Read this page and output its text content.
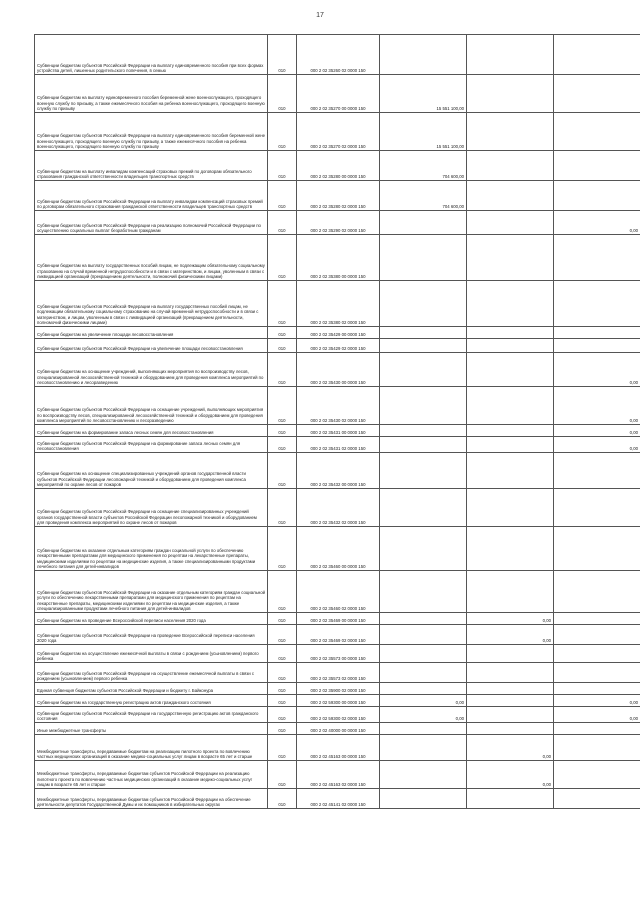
17
Субвенции бюджетам субъектов Российской Федерации на выплату единовременного пособия при всех формах устройства детей, лишенных родительского попечения, в семью	010	000 2 02 35260 02 0000 150			
Субвенции бюджетам на выплату единовременного пособия беременной жене военнослужащего, проходящего военную службу по призыву, а также ежемесячного пособия на ребенка военнослужащего, проходящего военную службу по призыву	010	000 2 02 35270 00 0000 150	15 551 100,00		
Субвенции бюджетам субъектов Российской Федерации на выплату единовременного пособия беременной жене военнослужащего, проходящего военную службу по призыву, а также ежемесячного пособия на ребенка военнослужащего, проходящего военную службу по призыву	010	000 2 02 35270 02 0000 150	15 551 100,00		
Субвенции бюджетам на выплату инвалидам компенсаций страховых премий по договорам обязательного страхования гражданской ответственности владельцев транспортных средств	010	000 2 02 35280 00 0000 150	704 600,00		
Субвенции бюджетам субъектов Российской Федерации на выплату инвалидам компенсаций страховых премий по договорам обязательного страхования гражданской ответственности владельцев транспортных средств	010	000 2 02 35280 02 0000 150	704 600,00		
Субвенции бюджетам субъектов Российской Федерации на реализацию полномочий Российской Федерации по осуществлению социальных выплат безработным гражданам	010	000 2 02 35290 02 0000 150			0,00
Субвенции бюджетам на выплату государственных пособий лицам, не подлежащим обязательному социальному страхованию на случай временной нетрудоспособности и в связи с материнством, и лицам, уволенным в связи с ликвидацией организаций (прекращением деятельности, полномочий физическими лицами)	010	000 2 02 35380 00 0000 150			
Субвенции бюджетам субъектов Российской Федерации на выплату государственных пособий лицам, не подлежащим обязательному социальному страхованию на случай временной нетрудоспособности и в связи с материнством, и лицам, уволенным в связи с ликвидацией организаций (прекращением деятельности, полномочий физическими лицами)	010	000 2 02 35380 02 0000 150			
Субвенции бюджетам на увеличение площади лесовосстановления	010	000 2 02 35429 00 0000 150			
Субвенции бюджетам субъектов Российской Федерации на увеличение площади лесовосстановления	010	000 2 02 35429 02 0000 150			
Субвенции бюджетам на оснащение учреждений, выполняющих мероприятия по воспроизводству лесов, специализированной лесохозяйственной техникой и оборудованием для проведения комплекса мероприятий по лесовосстановлению и лесоразведению	010	000 2 02 35430 00 0000 150			0,00
Субвенции бюджетам субъектов Российской Федерации на оснащение учреждений, выполняющих мероприятия по воспроизводству лесов, специализированной лесохозяйственной техникой и оборудованием для проведения комплекса мероприятий по лесовосстановлению и лесоразведению	010	000 2 02 35430 02 0000 150			0,00
Субвенции бюджетам на формирование запаса лесных семян для лесовосстановления	010	000 2 02 35431 00 0000 150			0,00
Субвенции бюджетам субъектов Российской Федерации на формирование запаса лесных семян для лесовосстановления	010	000 2 02 35431 02 0000 150			0,00
Субвенции бюджетам на оснащение специализированных учреждений органов государственной власти субъектов Российской Федерации лесопожарной техникой и оборудованием для проведения комплекса мероприятий по охране лесов от пожаров	010	000 2 02 35432 00 0000 150			
Субвенции бюджетам субъектов Российской Федерации на оснащение специализированных учреждений органов государственной власти субъектов Российской Федерации лесопожарной техникой и оборудованием для проведения комплекса мероприятий по охране лесов от пожаров	010	000 2 02 35432 02 0000 150			
Субвенции бюджетам на оказание отдельным категориям граждан социальной услуги по обеспечению лекарственными препаратами для медицинского применения по рецептам на лекарственные препараты, медицинскими изделиями по рецептам на медицинские изделия, а также специализированными продуктами лечебного питания для детей-инвалидов	010	000 2 02 35460 00 0000 150			
Субвенции бюджетам субъектов Российской Федерации на оказание отдельным категориям граждан социальной услуги по обеспечению лекарственными препаратами для медицинского применения по рецептам на лекарственные препараты, медицинскими изделиями по рецептам на медицинские изделия, а также специализированными продуктами лечебного питания для детей-инвалидов	010	000 2 02 35460 02 0000 150			
Субвенции бюджетам на проведение Всероссийской переписи населения 2020 года	010	000 2 02 35469 00 0000 150		0,00	
Субвенции бюджетам субъектов Российской Федерации на проведение Всероссийской переписи населения 2020 года	010	000 2 02 35469 02 0000 150		0,00	
Субвенции бюджетам на осуществление ежемесячной выплаты в связи с рождением (усыновлением) первого ребенка	010	000 2 02 35573 00 0000 150			
Субвенции бюджетам субъектов Российской Федерации на осуществление ежемесячной выплаты в связи с рождением (усыновлением) первого ребенка	010	000 2 02 35573 02 0000 150			
Единая субвенция бюджетам субъектов Российской Федерации и бюджету г. Байконура	010	000 2 02 35900 02 0000 150			
Субвенции бюджетам на государственную регистрацию актов гражданского состояния	010	000 2 02 59300 00 0000 150	0,00		0,00
Субвенции бюджетам субъектов Российской Федерации на государственную регистрацию актов гражданского состояния	010	000 2 02 59300 02 0000 150	0,00		0,00
Иные межбюджетные трансферты	010	000 2 02 40000 00 0000 150			
Межбюджетные трансферты, передаваемые бюджетам на реализацию пилотного проекта по вовлечению частных медицинских организаций в оказание медико-социальных услуг лицам в возрасте 65 лет и старше	010	000 2 02 45163 00 0000 150		0,00	
Межбюджетные трансферты, передаваемые бюджетам субъектов Российской Федерации на реализацию пилотного проекта по вовлечению частных медицинских организаций в оказание медико-социальных услуг лицам в возрасте 65 лет и старше	010	000 2 02 45163 02 0000 150		0,00	
Межбюджетные трансферты, передаваемые бюджетам субъектов Российской Федерации на обеспечение деятельности депутатов Государственной Думы и их помощников в избирательных округах	010	000 2 02 45141 02 0000 150			
